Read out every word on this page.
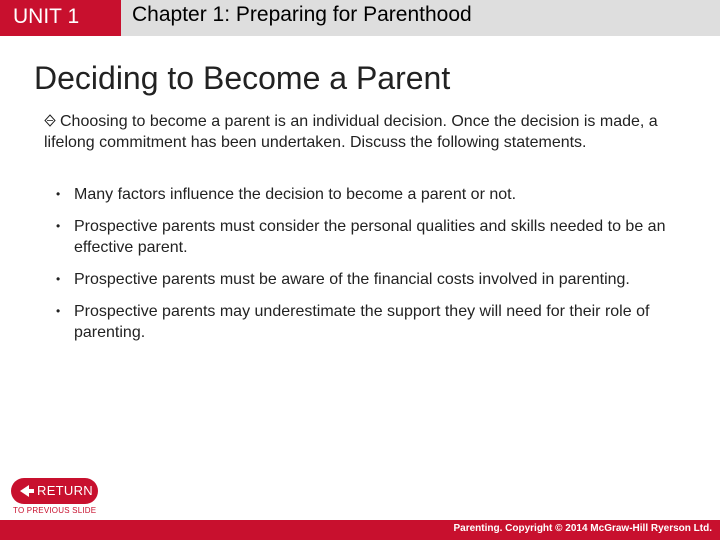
UNIT 1	Chapter 1: Preparing for Parenthood
Deciding to Become a Parent

Choosing to become a parent is an individual decision. Once the decision is made, a lifelong commitment has been undertaken. Discuss the following statements.

• Many factors influence the decision to become a parent or not.
• Prospective parents must consider the personal qualities and skills needed to be an effective parent.
• Prospective parents must be aware of the financial costs involved in parenting.
• Prospective parents may underestimate the support they will need for their role of parenting.
RETURN
TO PREVIOUS SLIDE
Parenting. Copyright © 2014 McGraw-Hill Ryerson Ltd.
